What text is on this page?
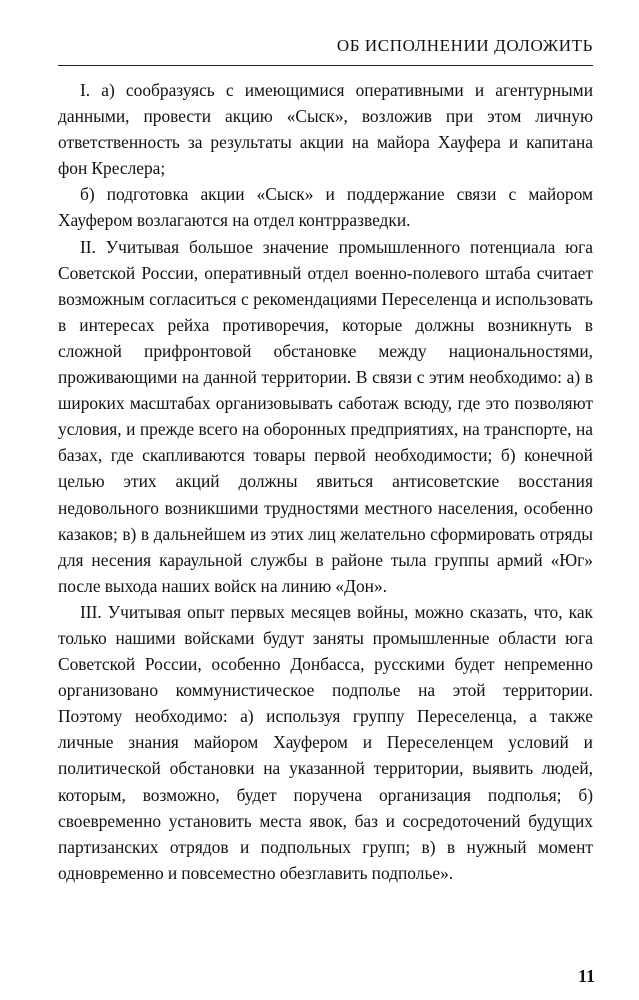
ОБ ИСПОЛНЕНИИ ДОЛОЖИТЬ

I. а) сообразуясь с имеющимися оперативными и агентурными данными, провести акцию «Сыск», возложив при этом личную ответственность за результаты акции на майора Хауфера и капитана фон Креслера;

б) подготовка акции «Сыск» и поддержание связи с майором Хауфером возлагаются на отдел контрразведки.

II. Учитывая большое значение промышленного потенциала юга Советской России, оперативный отдел военно-полевого штаба считает возможным согласиться с рекомендациями Переселенца и использовать в интересах рейха противоречия, которые должны возникнуть в сложной прифронтовой обстановке между национальностями, проживающими на данной территории. В связи с этим необходимо: а) в широких масштабах организовывать саботаж всюду, где это позволяют условия, и прежде всего на оборонных предприятиях, на транспорте, на базах, где скапливаются товары первой необходимости; б) конечной целью этих акций должны явиться антисоветские восстания недовольного возникшими трудностями местного населения, особенно казаков; в) в дальнейшем из этих лиц желательно сформировать отряды для несения караульной службы в районе тыла группы армий «Юг» после выхода наших войск на линию «Дон».

III. Учитывая опыт первых месяцев войны, можно сказать, что, как только нашими войсками будут заняты промышленные области юга Советской России, особенно Донбасса, русскими будет непременно организовано коммунистическое подполье на этой территории. Поэтому необходимо: а) используя группу Переселенца, а также личные знания майором Хауфером и Переселенцем условий и политической обстановки на указанной территории, выявить людей, которым, возможно, будет поручена организация подполья; б) своевременно установить места явок, баз и сосредоточений будущих партизанских отрядов и подпольных групп; в) в нужный момент одновременно и повсеместно обезглавить подполье».

11
